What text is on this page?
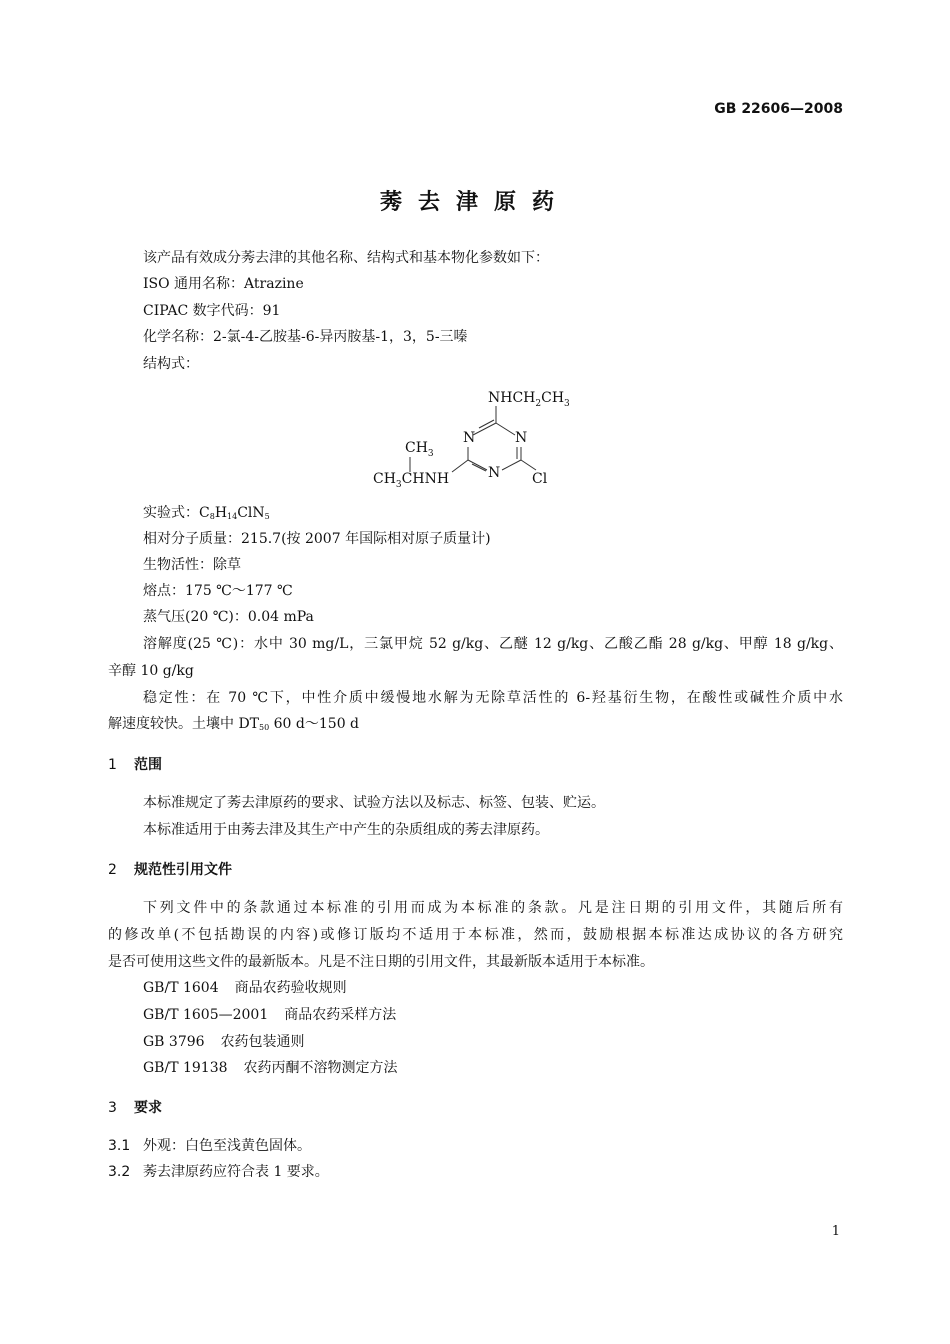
GB 22606—2008
莠去津原药
该产品有效成分莠去津的其他名称、结构式和基本物化参数如下：
ISO 通用名称：Atrazine
CIPAC 数字代码：91
化学名称：2-氯-4-乙胺基-6-异丙胺基-1，3，5-三嗪
结构式：
$NHCH_2CH_3$
N	N
N Cl
$CH_3$
$CH_3CHNH$
实验式：$C_8H_{14}ClN_5$
相对分子质量：215.7(按 2007 年国际相对原子质量计)
生物活性：除草
熔点：175 ℃～177 ℃
蒸气压(20 ℃)：0.04 mPa
溶解度(25 ℃)：水中 30 mg/L，三氯甲烷 52 g/kg、乙醚 12 g/kg、乙酸乙酯 28 g/kg、甲醇 18 g/kg、
辛醇 10 g/kg
稳定性：在 70 ℃下，中性介质中缓慢地水解为无除草活性的 6-羟基衍生物，在酸性或碱性介质中水
解速度较快。土壤中 $DT_{50}$ 60 d～150 d
1 范围
本标准规定了莠去津原药的要求、试验方法以及标志、标签、包装、贮运。
本标准适用于由莠去津及其生产中产生的杂质组成的莠去津原药。
2 规范性引用文件
下列文件中的条款通过本标准的引用而成为本标准的条款。凡是注日期的引用文件，其随后所有
的修改单(不包括勘误的内容)或修订版均不适用于本标准，然而，鼓励根据本标准达成协议的各方研究
是否可使用这些文件的最新版本。凡是不注日期的引用文件，其最新版本适用于本标准。
GB/T 1604 商品农药验收规则
GB/T 1605—2001 商品农药采样方法
GB 3796 农药包装通则
GB/T 19138 农药丙酮不溶物测定方法
3 要求
3.1 外观：白色至浅黄色固体。
3.2 莠去津原药应符合表 1 要求。
1
